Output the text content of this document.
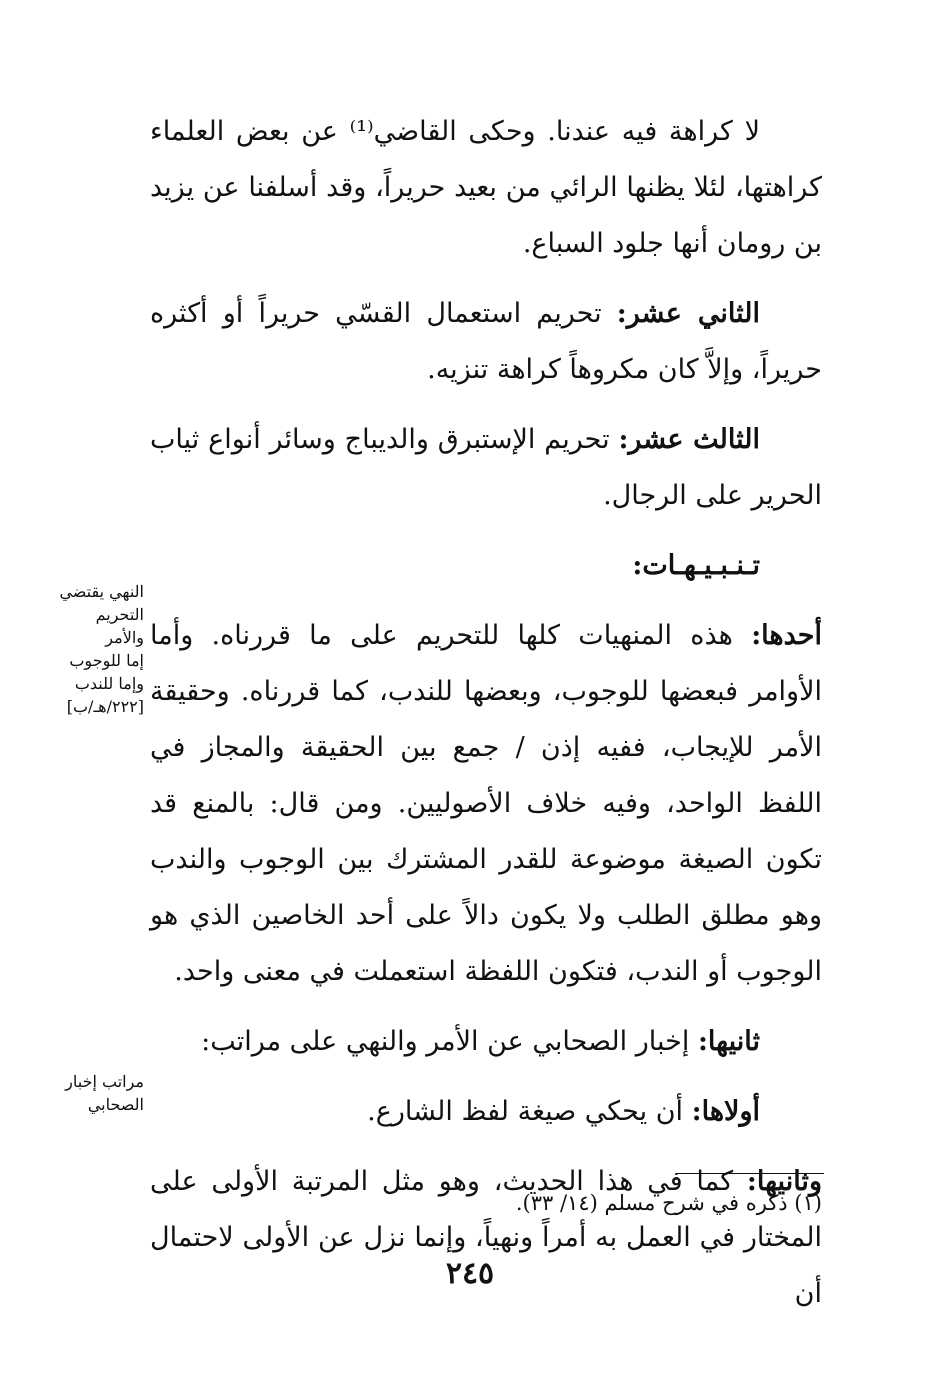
لا كراهة فيه عندنا. وحكى القاضي⁽¹⁾ عن بعض العلماء كراهتها، لئلا يظنها الرائي من بعيد حريراً، وقد أسلفنا عن يزيد بن رومان أنها جلود السباع.

الثاني عشر: تحريم استعمال القسّي حريراً أو أكثره حريراً، وإلاَّ كان مكروهاً كراهة تنزيه.

الثالث عشر: تحريم الإستبرق والديباج وسائر أنواع ثياب الحرير على الرجال.

تـنـبـيـهـات:

أحدها: هذه المنهيات كلها للتحريم على ما قررناه. وأما الأوامر فبعضها للوجوب، وبعضها للندب، كما قررناه. وحقيقة الأمر للإيجاب، ففيه إذن / جمع بين الحقيقة والمجاز في اللفظ الواحد، وفيه خلاف الأصوليين. ومن قال: بالمنع قد تكون الصيغة موضوعة للقدر المشترك بين الوجوب والندب وهو مطلق الطلب ولا يكون دالاً على أحد الخاصين الذي هو الوجوب أو الندب، فتكون اللفظة استعملت في معنى واحد.

ثانيها: إخبار الصحابي عن الأمر والنهي على مراتب:

أولاها: أن يحكي صيغة لفظ الشارع.

وثانيها: كما في هذا الحديث، وهو مثل المرتبة الأولى على المختار في العمل به أمراً ونهياً، وإنما نزل عن الأولى لاحتمال أن

النهي يقتضي
التحريم والأمر
إما للوجوب
وإما للندب
[٢٢٢/هـ/ب]
مراتب إخبار
الصحابي
(١) ذكره في شرح مسلم (١٤/ ٣٣).
٢٤٥
